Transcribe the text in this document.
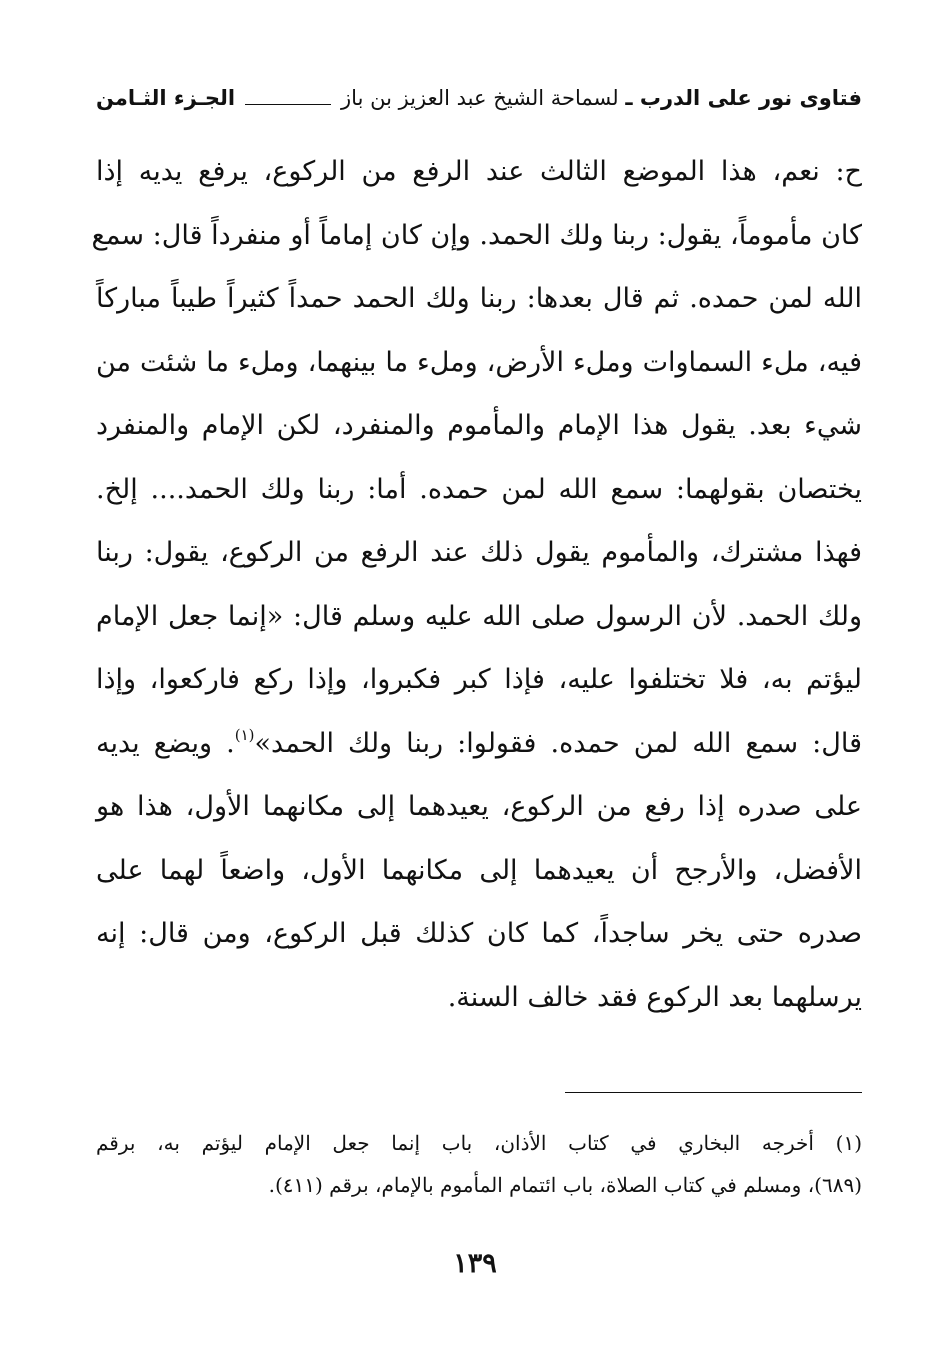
فتاوى نور على الدرب ـ

لسماحة الشيخ عبد العزيز بن باز
الجـزء الثـامن
ح: نعم، هذا الموضع الثالث عند الرفع من الركوع، يرفع يديه إذا
كان مأموماً، يقول: ربنا ولك الحمد. وإن كان إماماً أو منفرداً قال: سمع
الله لمن حمده. ثم قال بعدها: ربنا ولك الحمد حمداً كثيراً طيباً مباركاً
فيه، ملء السماوات وملء الأرض، وملء ما بينهما، وملء ما شئت من
شيء بعد. يقول هذا الإمام والمأموم والمنفرد، لكن الإمام والمنفرد
يختصان بقولهما: سمع الله لمن حمده. أما: ربنا ولك الحمد.... إلخ.
فهذا مشترك، والمأموم يقول ذلك عند الرفع من الركوع، يقول: ربنا
ولك الحمد. لأن الرسول صلى الله عليه وسلم قال: «إنما جعل الإمام
ليؤتم به، فلا تختلفوا عليه، فإذا كبر فكبروا، وإذا ركع فاركعوا، وإذا
قال: سمع الله لمن حمده. فقولوا: ربنا ولك الحمد»$^{(١)}$. ويضع يديه
على صدره إذا رفع من الركوع، يعيدهما إلى مكانهما الأول، هذا هو
الأفضل، والأرجح أن يعيدهما إلى مكانهما الأول، واضعاً لهما على
صدره حتى يخر ساجداً، كما كان كذلك قبل الركوع، ومن قال: إنه
يرسلهما بعد الركوع فقد خالف السنة.
(١) أخرجه البخاري في كتاب الأذان، باب إنما جعل الإمام ليؤتم به، برقم
(٦٨٩)، ومسلم في كتاب الصلاة، باب ائتمام المأموم بالإمام، برقم (٤١١).
١٣٩
